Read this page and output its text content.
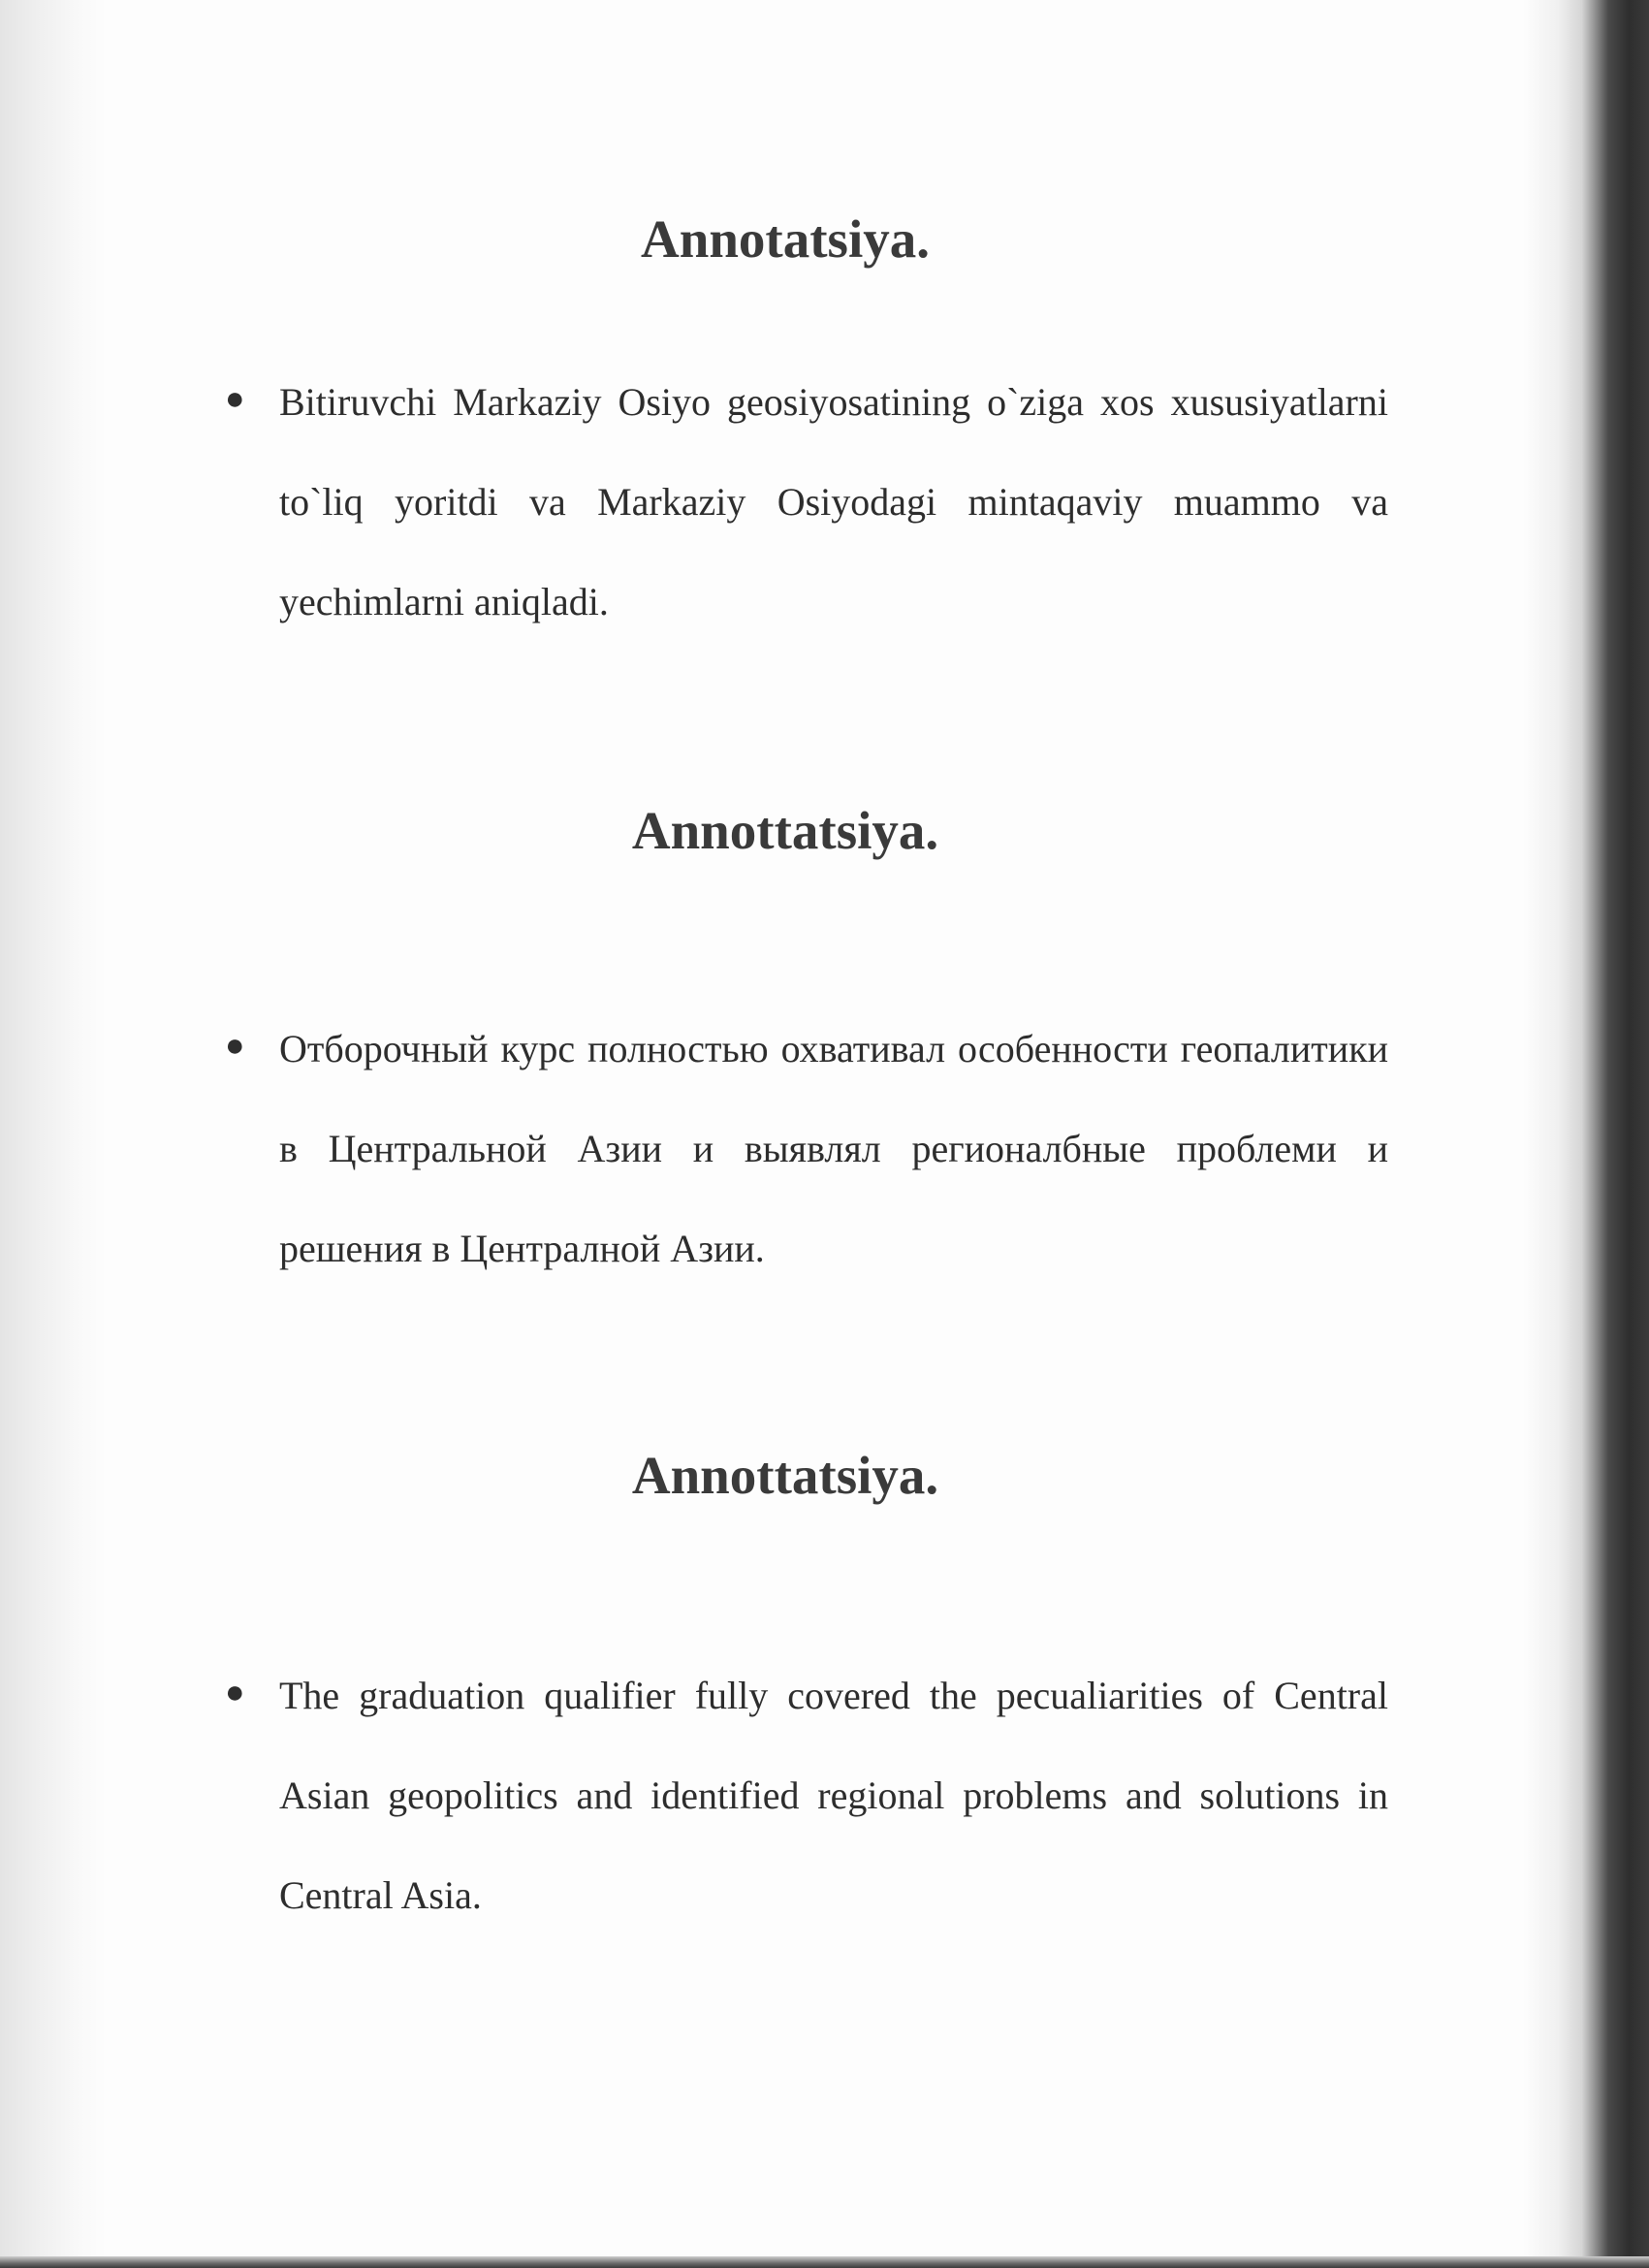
Annotatsiya.
● Bitiruvchi Markaziy Osiyo geosiyosatining o`ziga xos xususiyatlarni to`liq yoritdi va Markaziy Osiyodagi mintaqaviy muammo va yechimlarni aniqladi.

Annottatsiya.
● Отборочный курс полностью охвативал особенности геопалитики в Центральной Азии и выявлял регионалбные проблеми и решения в Централной Азии.

Annottatsiya.
● The graduation qualifier fully covered the pecualiarities of Central Asian geopolitics and identified regional problems and solutions in Central Asia.
